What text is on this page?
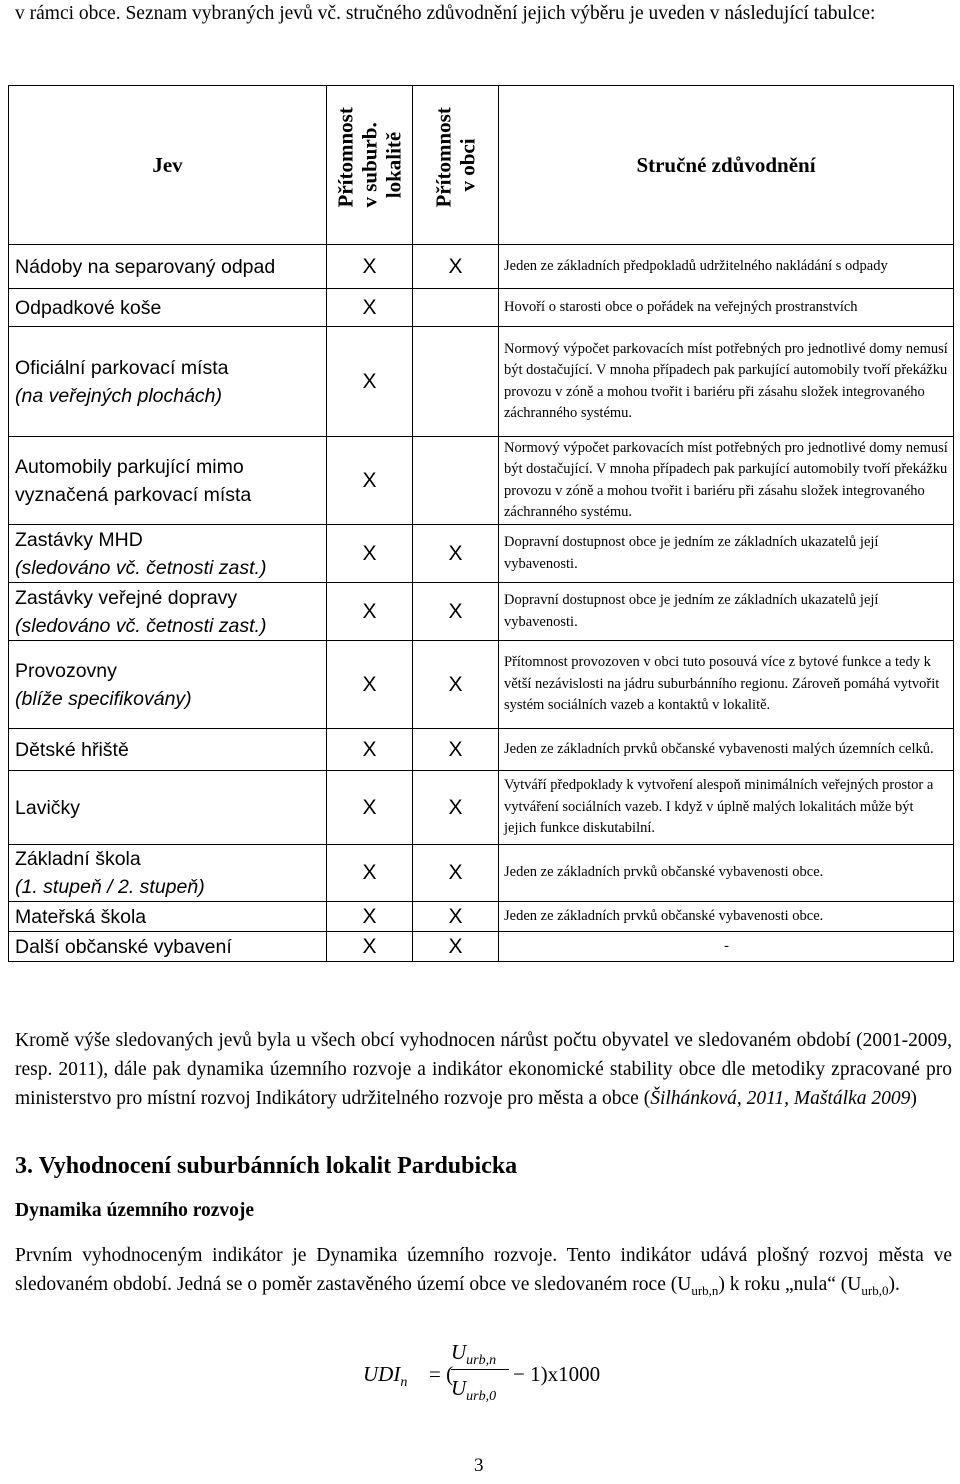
v rámci obce. Seznam vybraných jevů vč. stručného zdůvodnění jejich výběru je uveden v následující tabulce:
Jev	Přítomnost
v suburb.
lokalitě	Přítomnost
v obci	Stručné zdůvodnění
Nádoby na separovaný odpad	X	X	Jeden ze základních předpokladů udržitelného nakládání s odpady
Odpadkové koše	X		Hovoří o starosti obce o pořádek na veřejných prostranstvích
Oficiální parkovací místa
(na veřejných plochách)	X		Normový výpočet parkovacích míst potřebných pro jednotlivé domy nemusí být dostačující. V mnoha případech pak parkující automobily tvoří překážku provozu v zóně a mohou tvořit i bariéru při zásahu složek integrovaného záchranného systému.
Automobily parkující mimo vyznačená parkovací místa	X		Normový výpočet parkovacích míst potřebných pro jednotlivé domy nemusí být dostačující. V mnoha případech pak parkující automobily tvoří překážku provozu v zóně a mohou tvořit i bariéru při zásahu složek integrovaného záchranného systému.
Zastávky MHD
(sledováno vč. četnosti zast.)	X	X	Dopravní dostupnost obce je jedním ze základních ukazatelů její vybavenosti.
Zastávky veřejné dopravy
(sledováno vč. četnosti zast.)	X	X	Dopravní dostupnost obce je jedním ze základních ukazatelů její vybavenosti.
Provozovny
(blíže specifikovány)	X	X	Přítomnost provozoven v obci tuto posouvá více z bytové funkce a tedy k větší nezávislosti na jádru suburbánního regionu. Zároveň pomáhá vytvořit systém sociálních vazeb a kontaktů v lokalitě.
Dětské hřiště	X	X	Jeden ze základních prvků občanské vybavenosti malých územních celků.
Lavičky	X	X	Vytváří předpoklady k vytvoření alespoň minimálních veřejných prostor a vytváření sociálních vazeb. I když v úplně malých lokalitách může být jejich funkce diskutabilní.
Základní škola
(1. stupeň / 2. stupeň)	X	X	Jeden ze základních prvků občanské vybavenosti obce.
Mateřská škola	X	X	Jeden ze základních prvků občanské vybavenosti obce.
Další občanské vybavení	X	X	-

Kromě výše sledovaných jevů byla u všech obcí vyhodnocen nárůst počtu obyvatel ve sledovaném období (2001-2009, resp. 2011), dále pak dynamika územního rozvoje a indikátor ekonomické stability obce dle metodiky zpracované pro ministerstvo pro místní rozvoj Indikátory udržitelného rozvoje pro města a obce (Šilhánková, 2011, Maštálka 2009)

3. Vyhodnocení suburbánních lokalit Pardubicka
Dynamika územního rozvoje

Prvním vyhodnoceným indikátor je Dynamika územního rozvoje. Tento indikátor udává plošný rozvoj města ve sledovaném období. Jedná se o poměr zastavěného území obce ve sledovaném roce $(U_{urb,n})$ k roku „nula“ $(U_{urb,0})$.

$UDI_n$ = (
$U_{urb,n}$
$U_{urb,0}$
− 1)x1000
3
